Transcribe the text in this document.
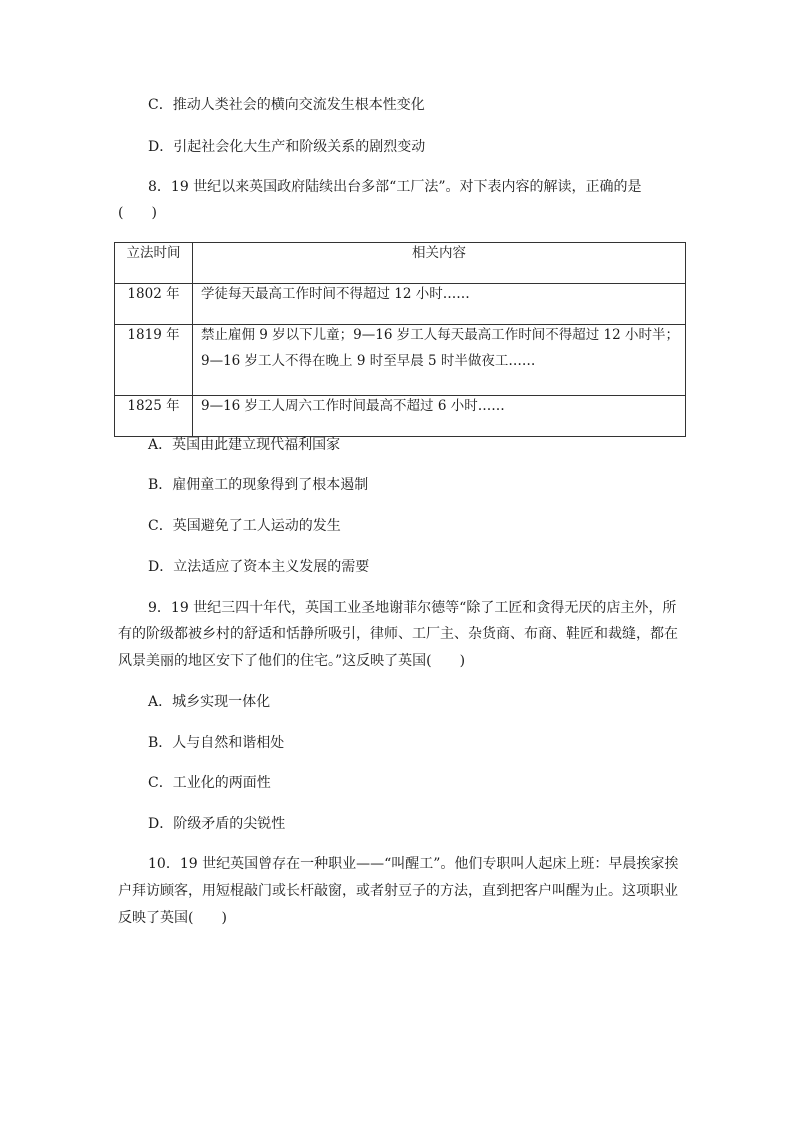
C．推动人类社会的横向交流发生根本性变化
D．引起社会化大生产和阶级关系的剧烈变动
8．19 世纪以来英国政府陆续出台多部“工厂法”。对下表内容的解读，正确的是
(　　)
立法时间	相关内容
1802 年	学徒每天最高工作时间不得超过 12 小时……

1819 年	禁止雇佣 9 岁以下儿童；9—16 岁工人每天最高工作时间不得超过 12 小时半；
9—16 岁工人不得在晚上 9 时至早晨 5 时半做夜工……

1825 年	9—16 岁工人周六工作时间最高不超过 6 小时……
A．英国由此建立现代福利国家
B．雇佣童工的现象得到了根本遏制
C．英国避免了工人运动的发生
D．立法适应了资本主义发展的需要
9．19 世纪三四十年代，英国工业圣地谢菲尔德等“除了工匠和贪得无厌的店主外，所
有的阶级都被乡村的舒适和恬静所吸引，律师、工厂主、杂货商、布商、鞋匠和裁缝，都在
风景美丽的地区安下了他们的住宅。”这反映了英国(　　)
A．城乡实现一体化
B．人与自然和谐相处
C．工业化的两面性
D．阶级矛盾的尖锐性
10．19 世纪英国曾存在一种职业——“叫醒工”。他们专职叫人起床上班：早晨挨家挨
户拜访顾客，用短棍敲门或长杆敲窗，或者射豆子的方法，直到把客户叫醒为止。这项职业
反映了英国(　　)
